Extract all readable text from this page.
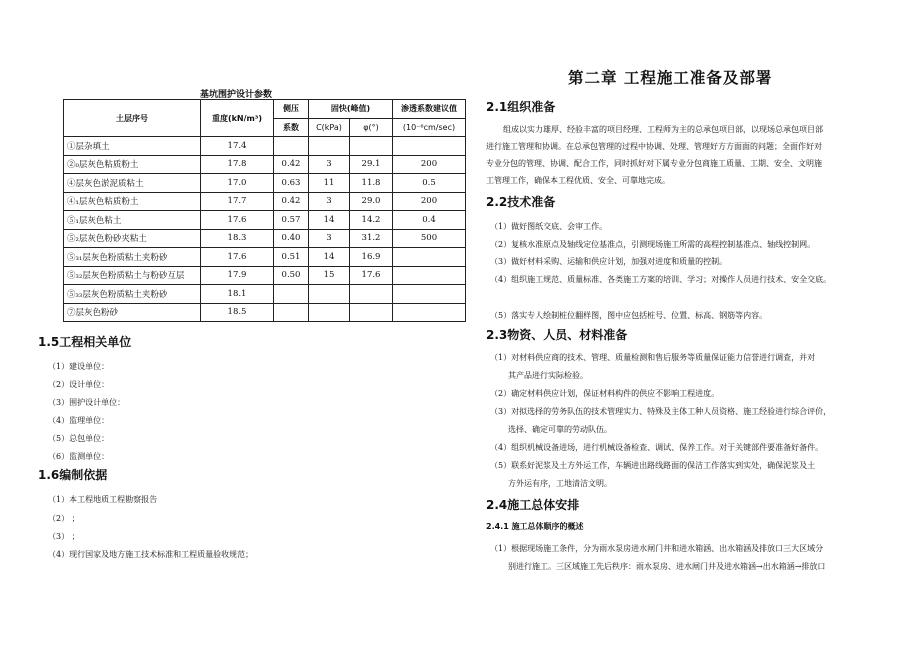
基坑围护设计参数
土层序号	重度(kN/m³)	侧压	固快(峰值)		渗透系数建议值
		系数	C(kPa)	φ(°)	(10⁻⁶cm/sec)
①层杂填土	17.4				
②₀层灰色粘质粉土	17.8	0.42	3	29.1	200
④层灰色淤泥质粘土	17.0	0.63	11	11.8	0.5
④₁层灰色粘质粉土	17.7	0.42	3	29.0	200
⑤₁层灰色粘土	17.6	0.57	14	14.2	0.4
⑤₂层灰色粉砂夹粘土	18.3	0.40	3	31.2	500
⑤₃₁层灰色粉质粘土夹粉砂	17.6	0.51	14	16.9	
⑤₃₂层灰色粉质粘土与粉砂互层	17.9	0.50	15	17.6	
⑤₃₃层灰色粉质粘土夹粉砂	18.1				
⑦层灰色粉砂	18.5				
1.5工程相关单位
（1）建设单位：
（2）设计单位：
（3）围护设计单位：
（4）监理单位：
（5）总包单位：
（6）监测单位：
1.6编制依据
（1）本工程地质工程勘察报告
（2） ；
（3） ；
（4）现行国家及地方施工技术标准和工程质量验收规范；
第二章 工程施工准备及部署
2.1组织准备
组成以实力雄厚、经验丰富的项目经理、工程师为主的总承包项目部，以现场总承包项目部
进行施工管理和协调。在总承包管理的过程中协调、处理、管理好方方面面的问题；全面作好对
专业分包的管理、协调、配合工作，同时抓好对下属专业分包商施工质量、工期、安全、文明施
工管理工作，确保本工程优质、安全、可靠地完成。
2.2技术准备
（1）做好图纸交底、会审工作。
（2）复核水准原点及轴线定位基准点，引测现场施工所需的高程控制基准点、轴线控制网。
（3）做好材料采购、运输和供应计划，加强对进度和质量的控制。
（4）组织施工规范、质量标准、各类施工方案的培训、学习；对操作人员进行技术、安全交底。
（5）落实专人绘制桩位翻样图，图中应包括桩号、位置、标高、钢筋等内容。
2.3物资、人员、材料准备
（1）对材料供应商的技术、管理、质量检测和售后服务等质量保证能力信誉进行调查，并对
其产品进行实际检验。
（2）确定材料供应计划，保证材料构件的供应不影响工程进度。
（3）对拟选择的劳务队伍的技术管理实力、特殊及主体工种人员资格、施工经验进行综合评价，
选择、确定可靠的劳动队伍。
（4）组织机械设备进场，进行机械设备检查、调试、保养工作。对于关键部件要准备好备件。
（5）联系好泥浆及土方外运工作，车辆进出路线路面的保洁工作落实到实处，确保泥浆及土
方外运有序，工地清洁文明。
2.4施工总体安排
2.4.1 施工总体顺序的概述
（1）根据现场施工条件，分为雨水泵房进水闸门井和进水箱涵、出水箱涵及排放口三大区域分
别进行施工。三区域施工先后秩序：雨水泵房、进水闸门井及进水箱涵→出水箱涵→排放口
